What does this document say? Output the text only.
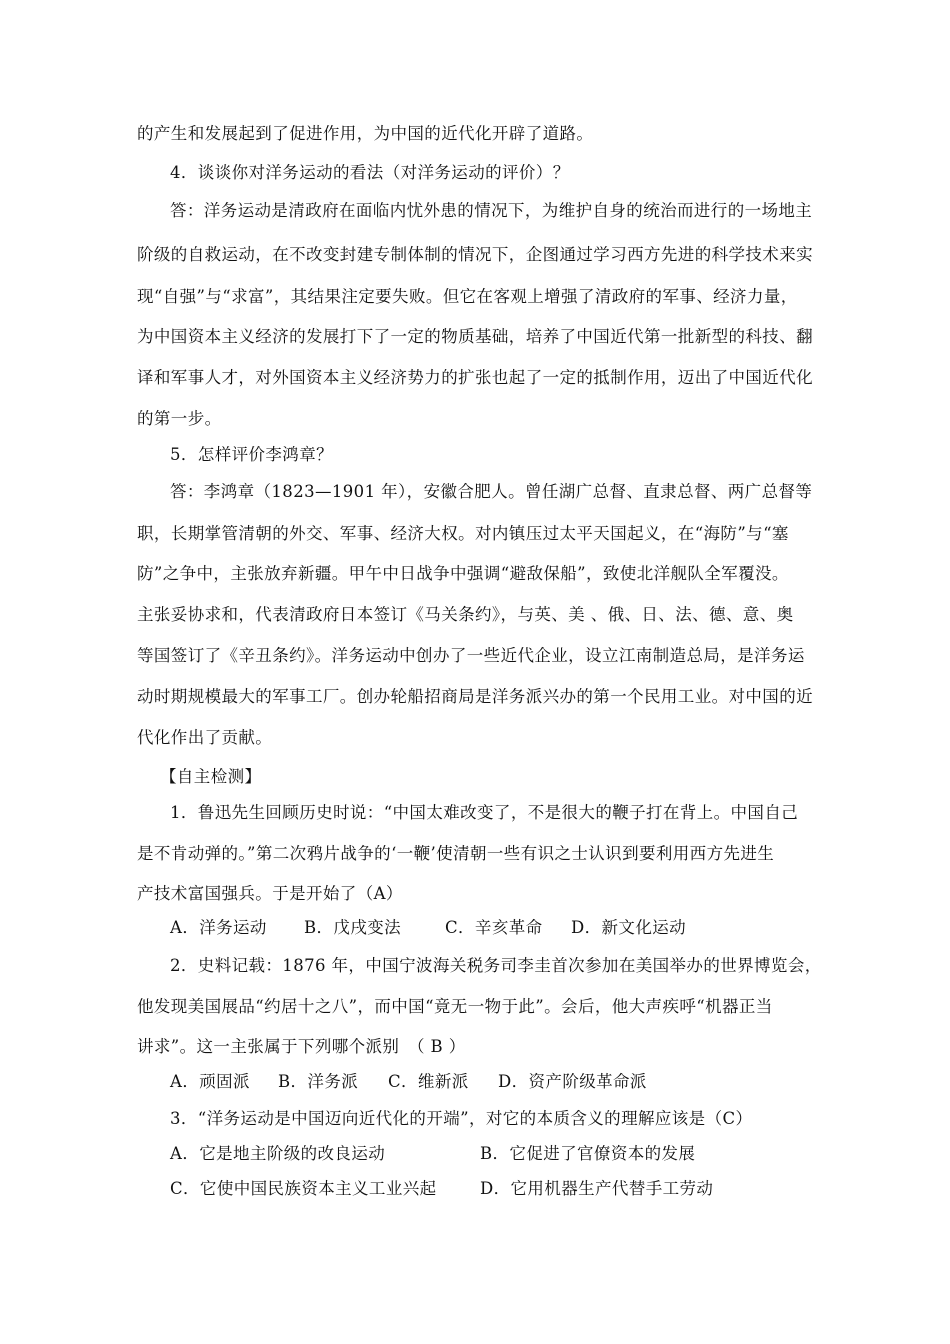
的产生和发展起到了促进作用，为中国的近代化开辟了道路。
4．谈谈你对洋务运动的看法（对洋务运动的评价）？
答：洋务运动是清政府在面临内忧外患的情况下，为维护自身的统治而进行的一场地主
阶级的自救运动，在不改变封建专制体制的情况下，企图通过学习西方先进的科学技术来实
现“自强”与“求富”，其结果注定要失败。但它在客观上增强了清政府的军事、经济力量，
为中国资本主义经济的发展打下了一定的物质基础，培养了中国近代第一批新型的科技、翻
译和军事人才，对外国资本主义经济势力的扩张也起了一定的抵制作用，迈出了中国近代化
的第一步。
5．怎样评价李鸿章？
答：李鸿章（1823—1901 年），安徽合肥人。曾任湖广总督、直隶总督、两广总督等
职，长期掌管清朝的外交、军事、经济大权。对内镇压过太平天国起义，在“海防”与“塞
防”之争中，主张放弃新疆。甲午中日战争中强调“避敌保船”，致使北洋舰队全军覆没。
主张妥协求和，代表清政府日本签订《马关条约》，与英、美 、俄、日、法、德、意、奥
等国签订了《辛丑条约》。洋务运动中创办了一些近代企业，设立江南制造总局，是洋务运
动时期规模最大的军事工厂。创办轮船招商局是洋务派兴办的第一个民用工业。对中国的近
代化作出了贡献。
【自主检测】
1．鲁迅先生回顾历史时说：“中国太难改变了，不是很大的鞭子打在背上。中国自己
是不肯动弹的。”第二次鸦片战争的‘一鞭’使清朝一些有识之士认识到要利用西方先进生
产技术富国强兵。于是开始了（A）
A．洋务运动 B．戊戌变法	C．辛亥革命 D．新文化运动
2．史料记载：1876 年，中国宁波海关税务司李圭首次参加在美国举办的世界博览会，
他发现美国展品“约居十之八”，而中国“竟无一物于此”。会后，他大声疾呼“机器正当
讲求”。这一主张属于下列哪个派别　（ B ）
A．顽固派 B．洋务派 C．维新派 D．资产阶级革命派
3．“洋务运动是中国迈向近代化的开端”，对它的本质含义的理解应该是（C）
A．它是地主阶级的改良运动	B．它促进了官僚资本的发展
C．它使中国民族资本主义工业兴起	D．它用机器生产代替手工劳动
